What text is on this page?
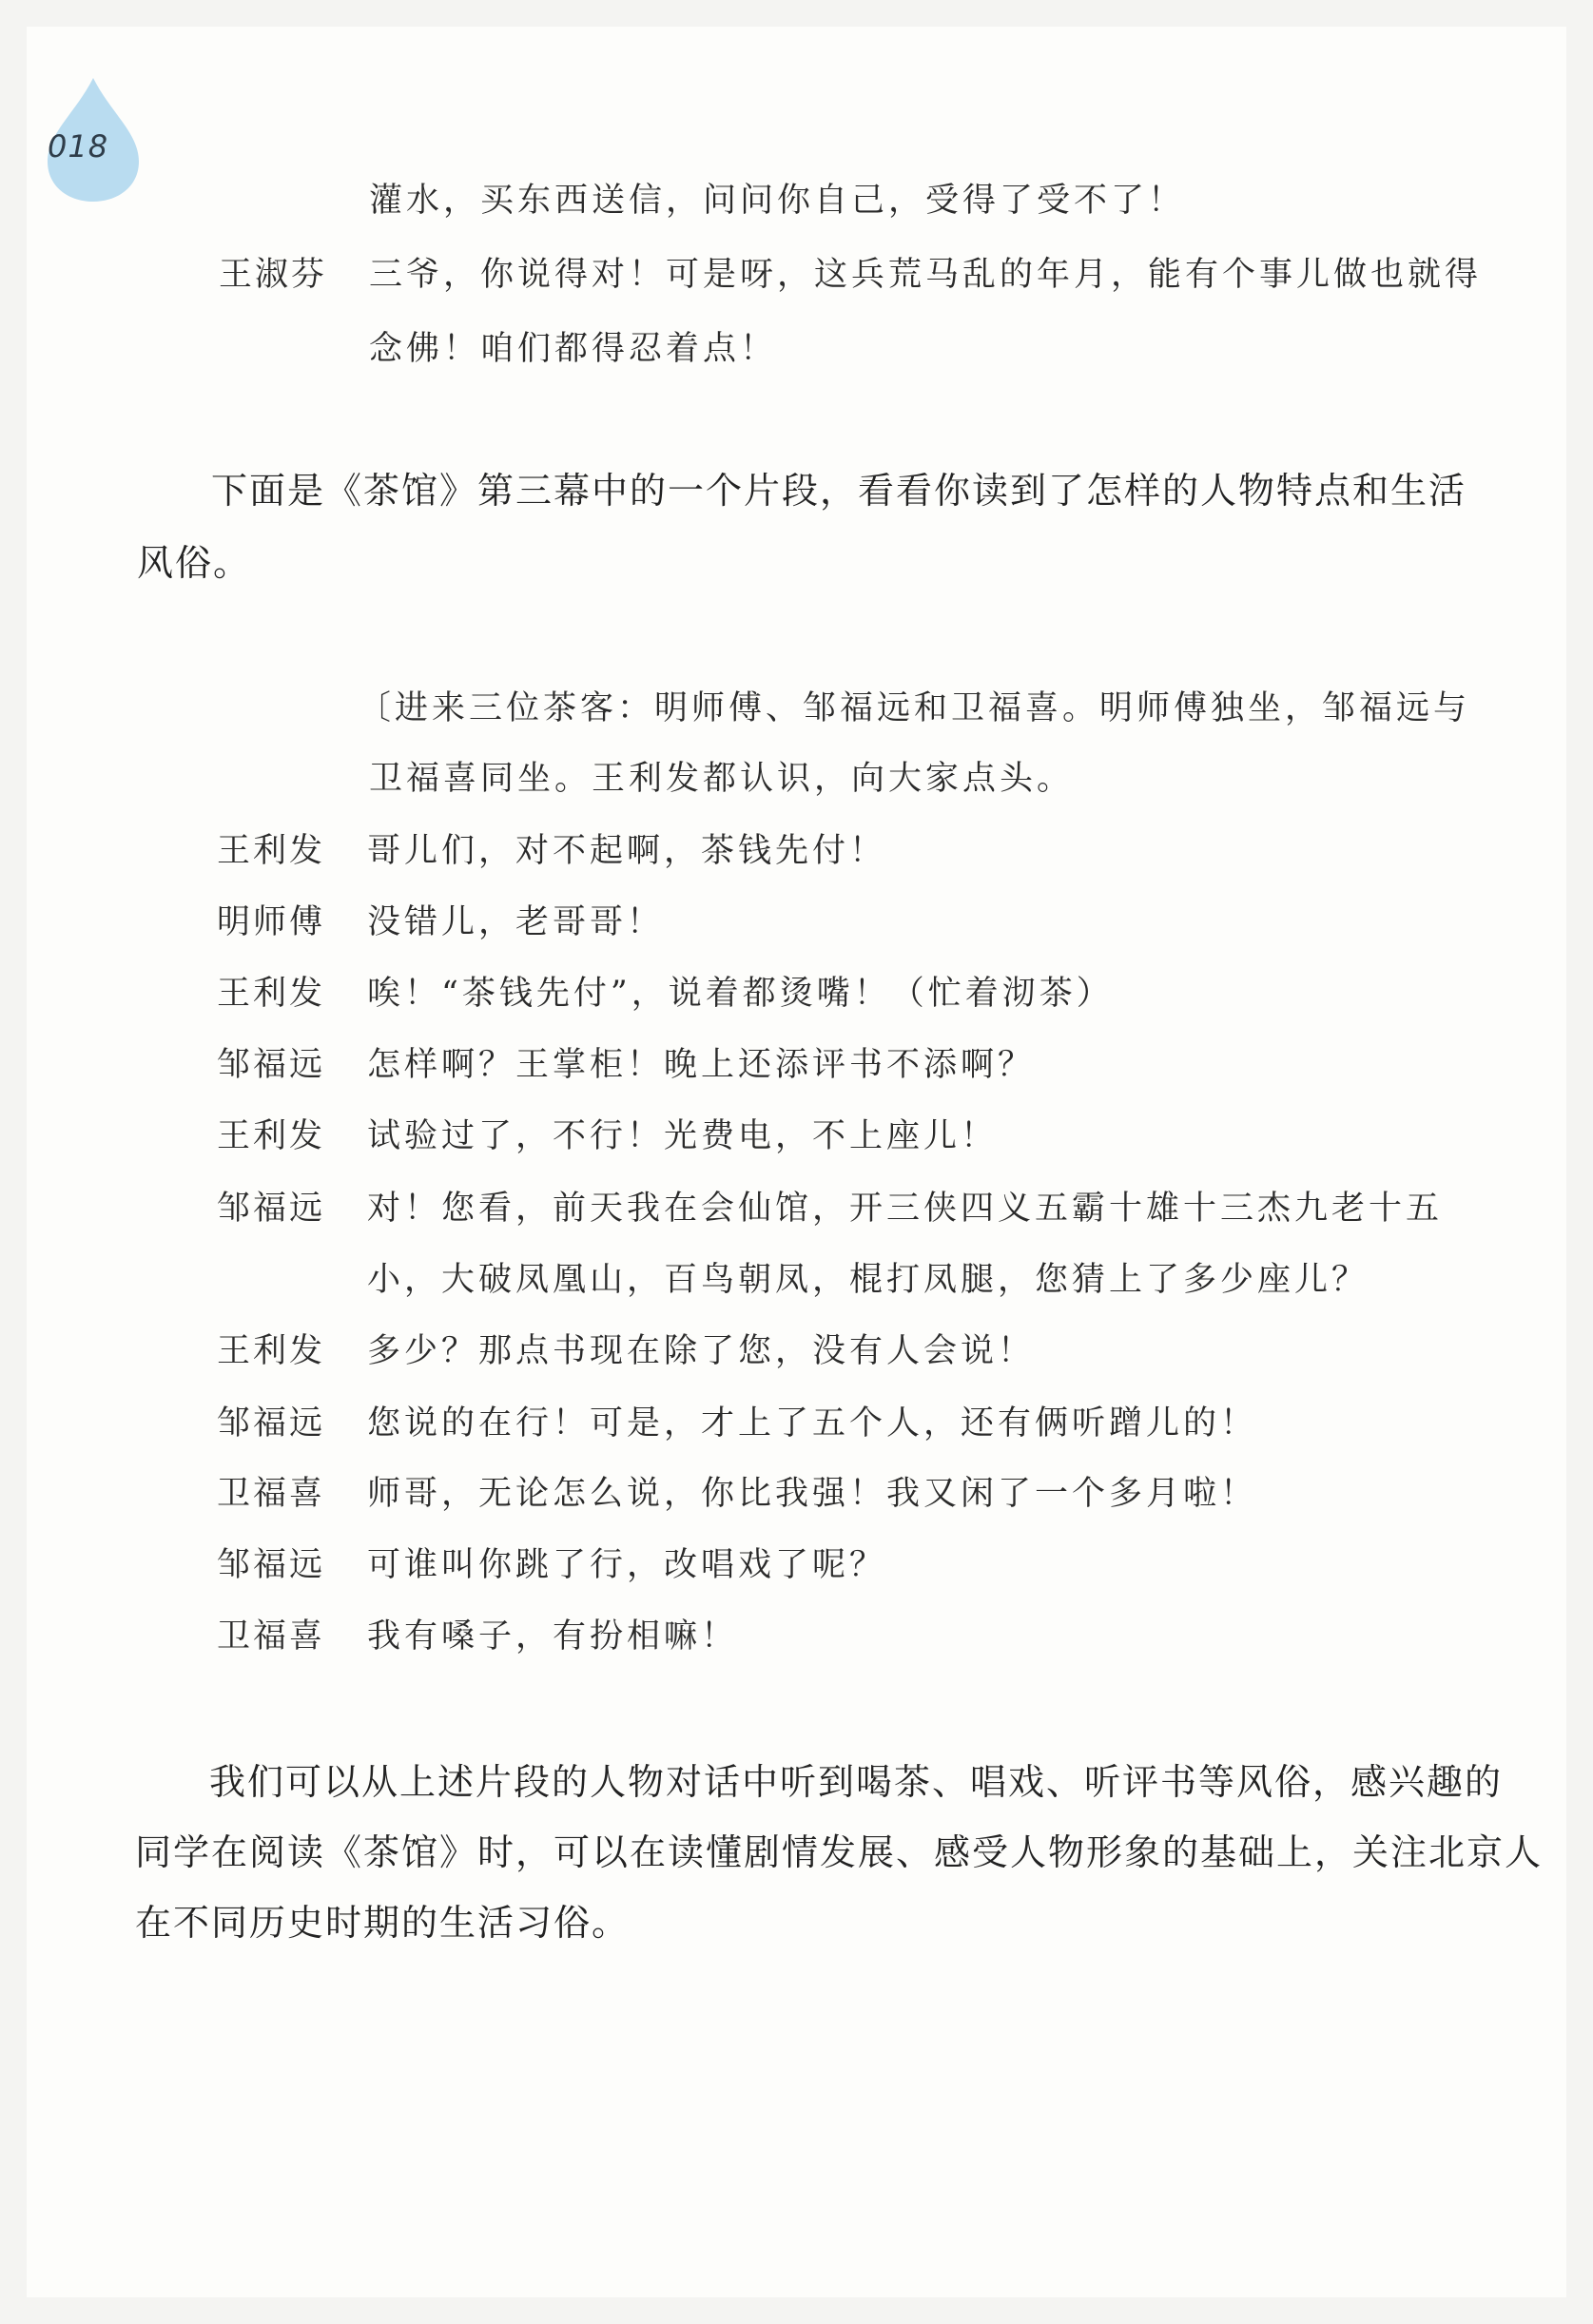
018
灌水，买东西送信，问问你自己，受得了受不了！
王淑芬 三爷，你说得对！可是呀，这兵荒马乱的年月，能有个事儿做也就得
念佛！咱们都得忍着点！
下面是《茶馆》第三幕中的一个片段，看看你读到了怎样的人物特点和生活
风俗。
〔进来三位茶客：明师傅、邹福远和卫福喜。明师傅独坐，邹福远与
卫福喜同坐。王利发都认识，向大家点头。
王利发 哥儿们，对不起啊，茶钱先付！
明师傅 没错儿，老哥哥！
王利发 唉！“茶钱先付”，说着都烫嘴！（忙着沏茶）
邹福远 怎样啊？王掌柜！晚上还添评书不添啊？
王利发 试验过了，不行！光费电，不上座儿！
邹福远 对！您看，前天我在会仙馆，开三侠四义五霸十雄十三杰九老十五
小，大破凤凰山，百鸟朝凤，棍打凤腿，您猜上了多少座儿？
王利发 多少？那点书现在除了您，没有人会说！
邹福远 您说的在行！可是，才上了五个人，还有俩听蹭儿的！
卫福喜 师哥，无论怎么说，你比我强！我又闲了一个多月啦！
邹福远 可谁叫你跳了行，改唱戏了呢？
卫福喜 我有嗓子，有扮相嘛！
我们可以从上述片段的人物对话中听到喝茶、唱戏、听评书等风俗，感兴趣的
同学在阅读《茶馆》时，可以在读懂剧情发展、感受人物形象的基础上，关注北京人
在不同历史时期的生活习俗。
